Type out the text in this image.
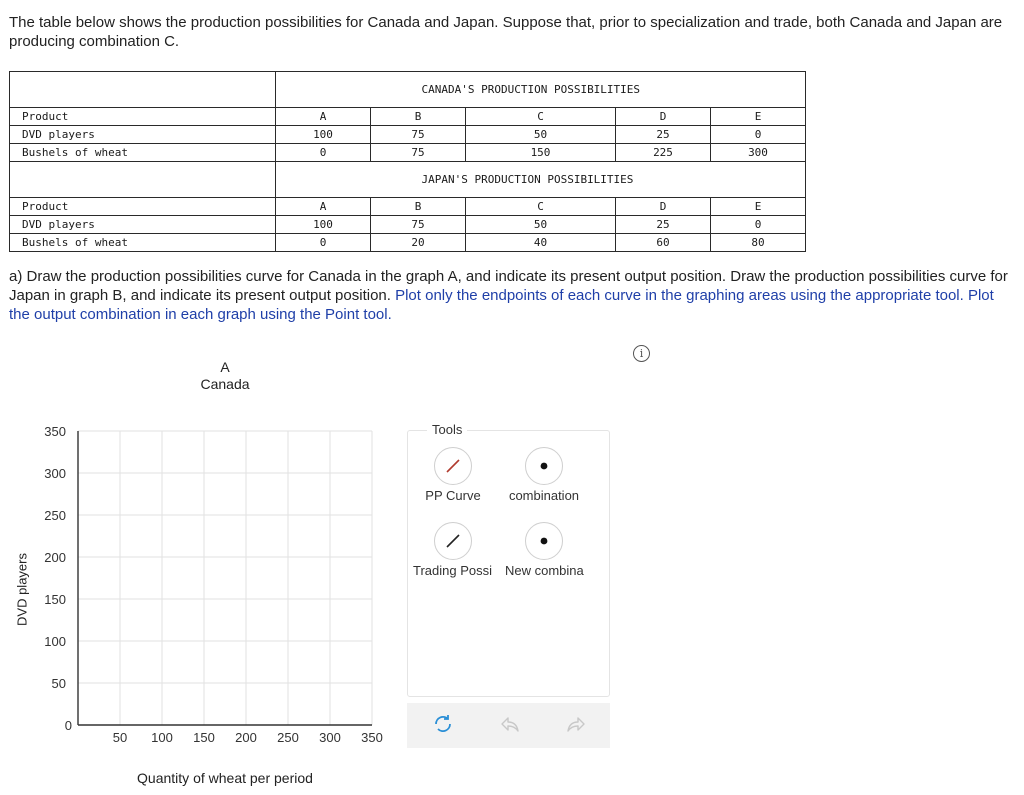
The table below shows the production possibilities for Canada and Japan. Suppose that, prior to specialization and trade, both Canada and Japan are producing combination C.

			CANADA'S PRODUCTION POSSIBILITIES		
Product	A	B	C	D	E
DVD players	100	75	50	25	0
Bushels of wheat	0	75	150	225	300
			JAPAN'S PRODUCTION POSSIBILITIES		
Product	A	B	C	D	E
DVD players	100	75	50	25	0
Bushels of wheat	0	20	40	60	80

a) Draw the production possibilities curve for Canada in the graph A, and indicate its present output position. Draw the production possibilities curve for Japan in graph B, and indicate its present output position. Plot only the endpoints of each curve in the graphing areas using the appropriate tool. Plot the output combination in each graph using the Point tool.

i
A
Canada
0
50
100
150
200
250
300
350
50 100 150 200 250 300 350
DVD players
Quantity of wheat per period
Tools
PP Curve	combination
Trading Possi	New combina
